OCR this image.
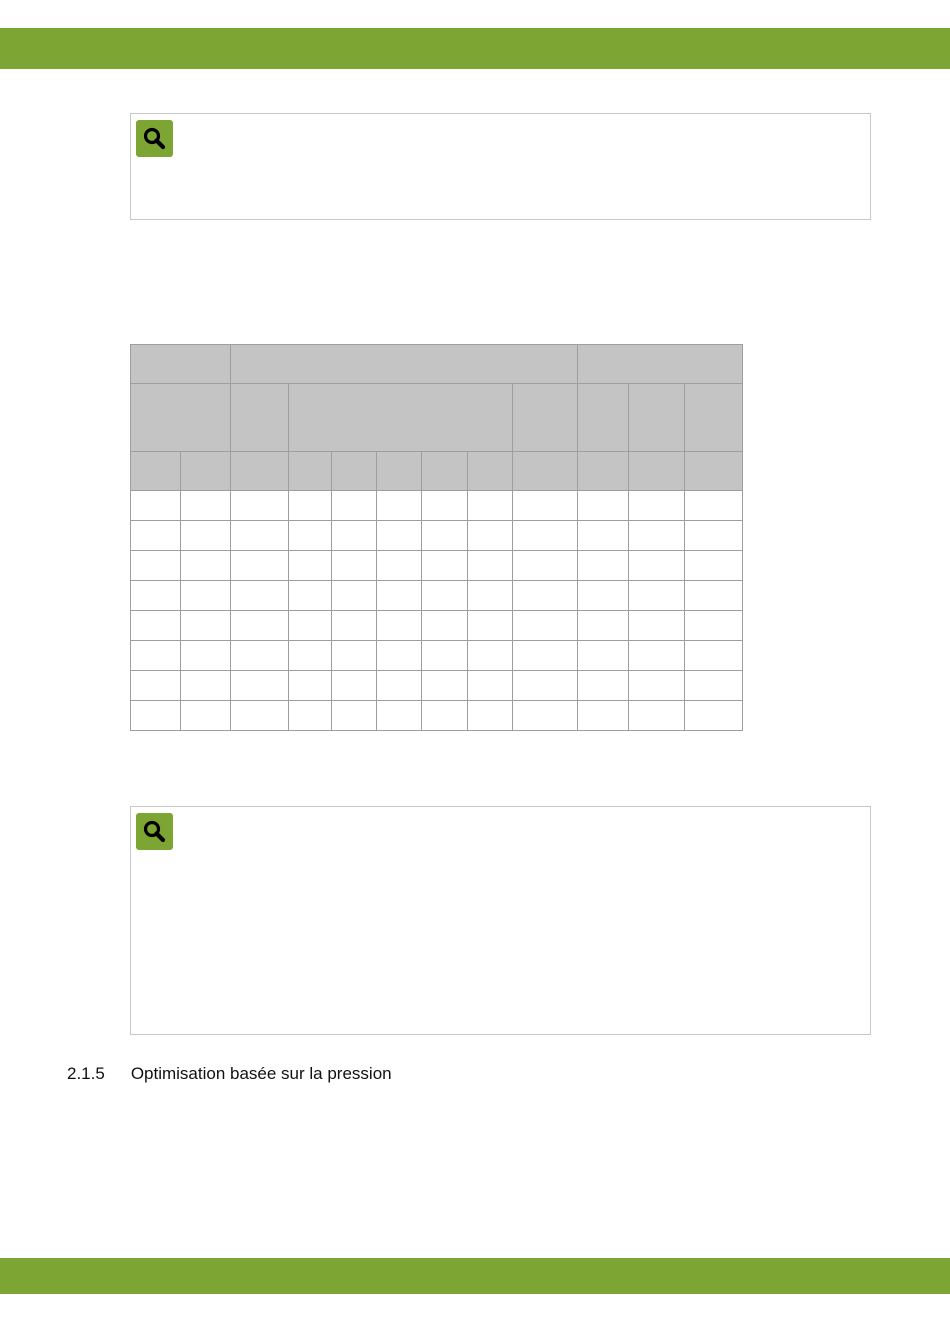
2.1.5 Optimisation basée sur la pression
